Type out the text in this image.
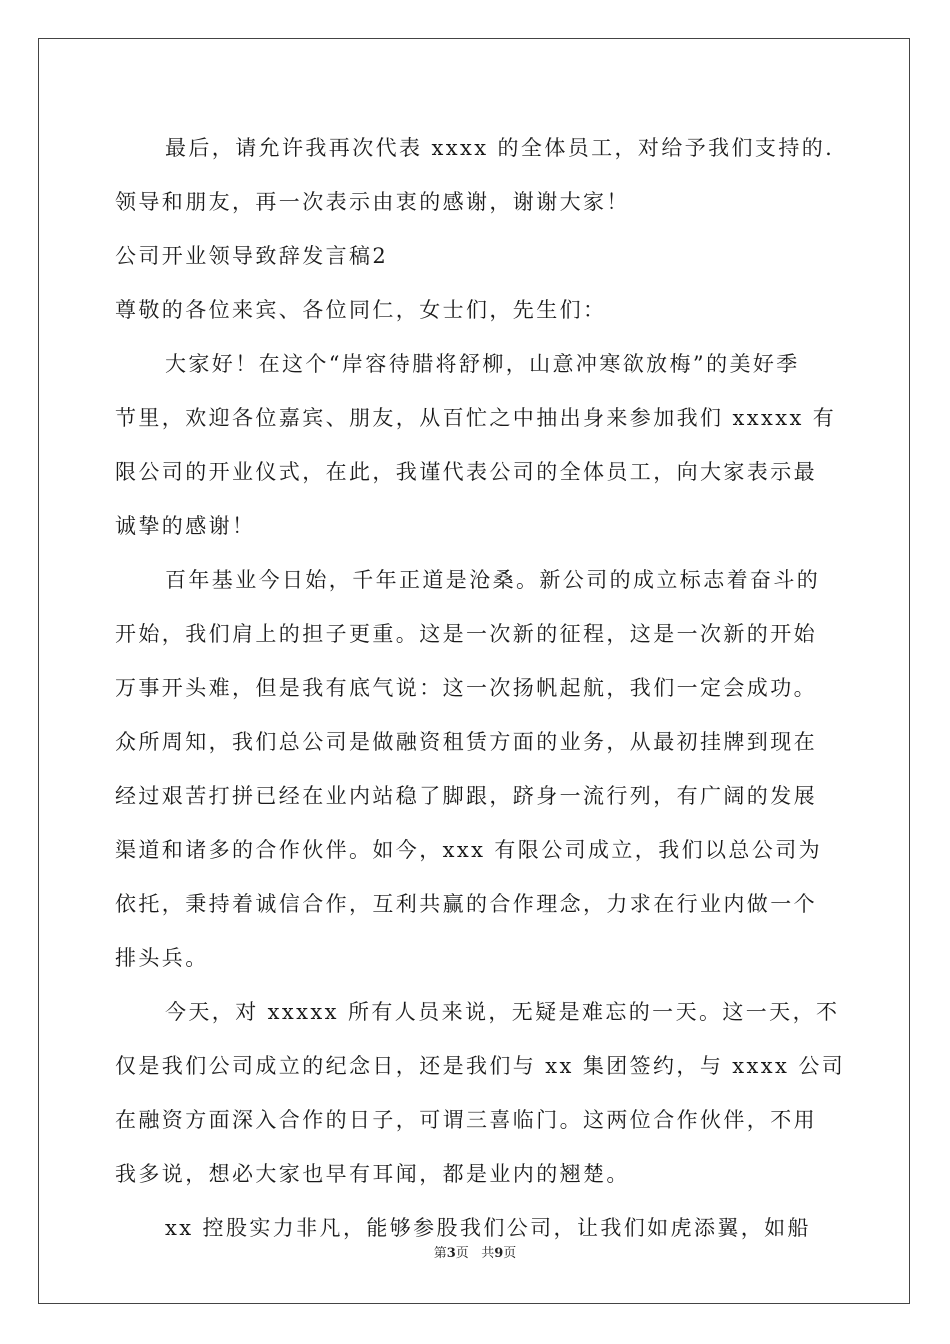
最后，请允许我再次代表 xxxx 的全体员工，对给予我们支持的.
领导和朋友，再一次表示由衷的感谢，谢谢大家！
公司开业领导致辞发言稿2
尊敬的各位来宾、各位同仁，女士们，先生们：
大家好！在这个“岸容待腊将舒柳，山意冲寒欲放梅”的美好季
节里，欢迎各位嘉宾、朋友，从百忙之中抽出身来参加我们 xxxxx 有
限公司的开业仪式，在此，我谨代表公司的全体员工，向大家表示最
诚挚的感谢！
百年基业今日始，千年正道是沧桑。新公司的成立标志着奋斗的
开始，我们肩上的担子更重。这是一次新的征程，这是一次新的开始
万事开头难，但是我有底气说：这一次扬帆起航，我们一定会成功。
众所周知，我们总公司是做融资租赁方面的业务，从最初挂牌到现在
经过艰苦打拼已经在业内站稳了脚跟，跻身一流行列，有广阔的发展
渠道和诸多的合作伙伴。如今，xxx 有限公司成立，我们以总公司为
依托，秉持着诚信合作，互利共赢的合作理念，力求在行业内做一个
排头兵。
今天，对 xxxxx 所有人员来说，无疑是难忘的一天。这一天，不
仅是我们公司成立的纪念日，还是我们与 xx 集团签约，与 xxxx 公司
在融资方面深入合作的日子，可谓三喜临门。这两位合作伙伴，不用
我多说，想必大家也早有耳闻，都是业内的翘楚。
xx 控股实力非凡，能够参股我们公司，让我们如虎添翼，如船
第3页 共9页
